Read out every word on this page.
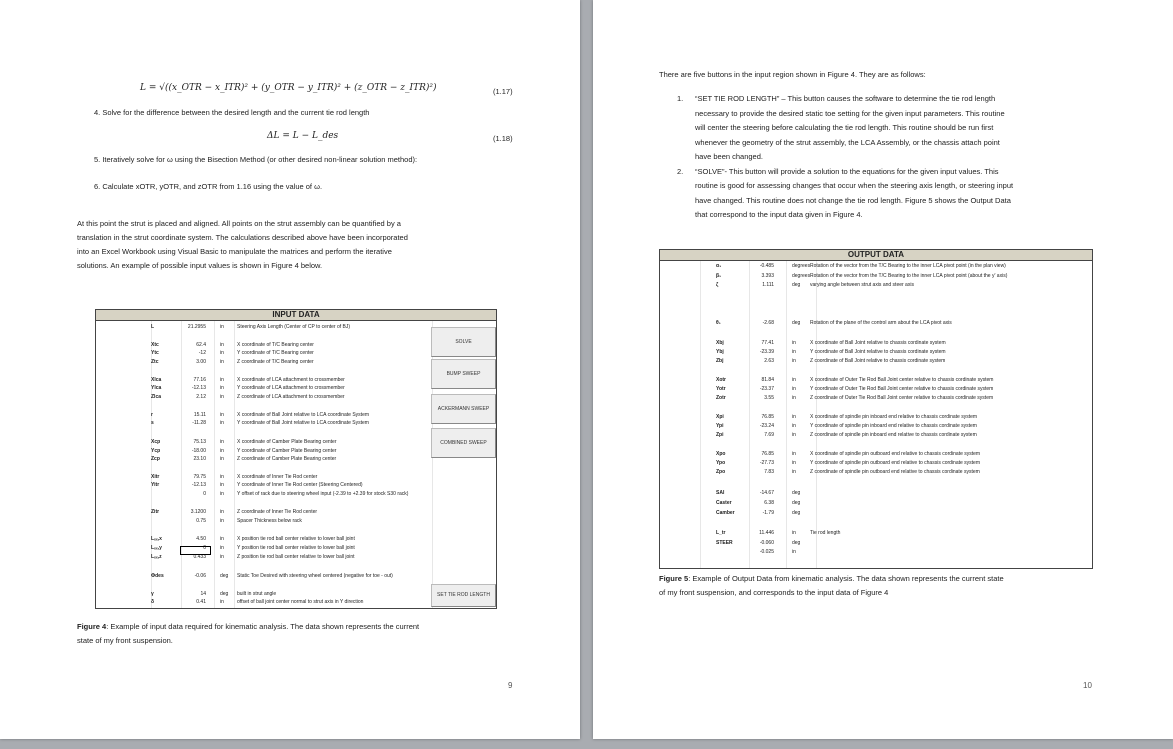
L = √((x_OTR − x_ITR)² + (y_OTR − y_ITR)² + (z_OTR − z_ITR)²)	(1.17)
4. Solve for the difference between the desired length and the current tie rod length
ΔL = L − L_des	(1.18)
5. Iteratively solve for ω using the Bisection Method (or other desired non-linear solution method):
6. Calculate xOTR, yOTR, and zOTR from 1.16 using the value of ω.
At this point the strut is placed and aligned. All points on the strut assembly can be quantified by a
translation in the strut coordinate system. The calculations described above have been incorporated
into an Excel Workbook using Visual Basic to manipulate the matrices and perform the iterative
solutions. An example of possible input values is shown in Figure 4 below.
INPUT DATA
L	21.2955	in	Steering Axis Length (Center of CP to center of BJ)
Xtc	62.4	in	X coordinate of T/C Bearing center
Ytc	-12	in	Y coordinate of T/C Bearing center
Ztc	3.00	in	Z coordinate of T/C Bearing center
Xlca	77.16	in	X coordinate of LCA attachment to crossmember
Ylca	-12.13	in	Y coordinate of LCA attachment to crossmember
Zlca	2.12	in	Z coordinate of LCA attachment to crossmember
r	15.11	in	X coordinate of Ball Joint relative to LCA coordinate System
s	-11.28	in	Y coordinate of Ball Joint relative to LCA coordinate System
Xcp	75.13	in	X coordinate of Camber Plate Bearing center
Ycp	-18.00	in	Y coordinate of Camber Plate Bearing center
Zcp	23.10	in	Z coordinate of Camber Plate Bearing center
Xitr	79.75	in	X coordinate of Inner Tie Rod center
Yitr	-12.13	in	Y coordinate of Inner Tie Rod center (Steering Centered)
0	in	Y offset of rack due to steering wheel input (-2.39 to +2.39 for stock S30 rack)
Zitr	3.1200	in	Z coordinate of Inner Tie Rod center
0.75	in	Spacer Thickness below rack
Lₓₓ,x	4.50	in	X position tie rod ball center relative to lower ball joint
Lₓₓ,y	0	in	Y position tie rod ball center relative to lower ball joint
Lₓₓ,z	0.433	in	Z position tie rod ball center relative to lower ball joint
Φdes	-0.06	deg Static Toe Desired with steering wheel centered (negative for toe - out)
γ	14	deg built in strut angle
δ	0.41	in	offset of ball joint center normal to strut axis in Y direction
SOLVE
BUMP SWEEP
ACKERMANN SWEEP
COMBINED SWEEP
SET TIE ROD LENGTH
Figure 4: Example of input data required for kinematic analysis. The data shown represents the current
state of my front suspension.
9
There are five buttons in the input region shown in Figure 4. They are as follows:
1. “SET TIE ROD LENGTH” – This button causes the software to determine the tie rod length
necessary to provide the desired static toe setting for the given input parameters. This routine
will center the steering before calculating the tie rod length. This routine should be run first
whenever the geometry of the strut assembly, the LCA Assembly, or the chassis attach point
have been changed.
2. “SOLVE”- This button will provide a solution to the equations for the given input values. This
routine is good for assessing changes that occur when the steering axis length, or steering input
have changed. This routine does not change the tie rod length. Figure 5 shows the Output Data
that correspond to the input data given in Figure 4.
OUTPUT DATA
α₁	-0.485	degrees Rotation of the vector from the T/C Bearing to the inner LCA pivot point (in the plan view)
β₁	3.393	degrees Rotation of the vector from the T/C Bearing to the inner LCA pivot point (about the y' axis)
ζ	1.111	deg varying angle between strut axis and steer axis
θ₁	-2.68	deg Rotation of the plane of the control arm about the LCA pivot axis
Xbj	77.41	in	X coordinate of Ball Joint relative to chassis cordinate system
Ybj	-23.39	in	Y coordinate of Ball Joint relative to chassis cordinate system
Zbj	2.63	in	Z coordinate of Ball Joint relative to chassis cordinate system
Xotr	81.84	in	X coordinate of Outer Tie Rod Ball Joint center relative to chassis cordinate system
Yotr	-23.37	in	Y coordinate of Outer Tie Rod Ball Joint center relative to chassis cordinate system
Zotr	3.55	in	Z coordinate of Outer Tie Rod Ball Joint center relative to chassis cordinate system
Xpi	76.85	in	X coordinate of spindle pin inboard end relative to chassis cordinate system
Ypi	-23.24	in	Y coordinate of spindle pin inboard end relative to chassis cordinate system
Zpi	7.69	in	Z coordinate of spindle pin inboard end relative to chassis cordinate system
Xpo	76.85	in	X coordinate of spindle pin outboard end relative to chassis cordinate system
Ypo	-27.73	in	Y coordinate of spindle pin outboard end relative to chassis cordinate system
Zpo	7.83	in	Z coordinate of spindle pin outboard end relative to chassis cordinate system
SAI	-14.67	deg
Caster	6.38	deg
Camber	-1.79	deg
L_tr	11.446	in	Tie rod length
STEER	-0.060	deg
-0.025	in
Figure 5: Example of Output Data from kinematic analysis. The data shown represents the current state
of my front suspension, and corresponds to the input data of Figure 4
10
